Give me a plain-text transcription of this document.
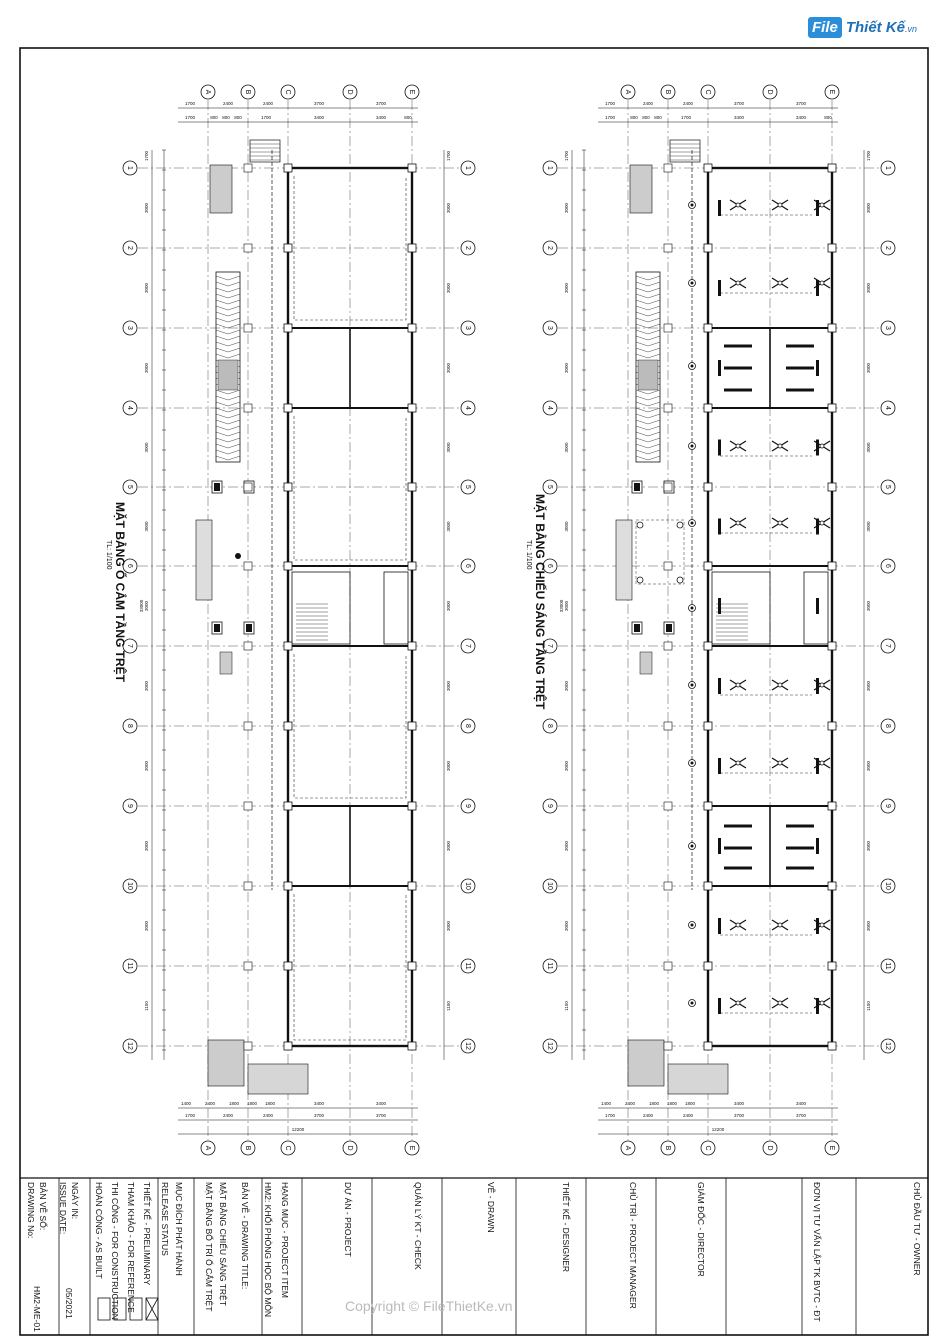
File Thiết Kế.vn
A
A
B
B
C
C
D
D
E
E
1	1
2	2
3	3
4	4
5	5
6	6
7	7
8	8
9	9
10	10
11	11
12	12
1700	2400	2400	3700	3700
1700	800 800 800	1700	3400	3400	800
1400	2400	1800 1800 1800	3400	3400
1700	2400	2400	3700	3700
12200
1700
3000
3000
3000
3000
3000
3000
3000
3000
3000
3000
1150
33000
1700
3000
3000
3000
3000
3000
3000
3000
3000
3000
3000
1150
A
A
B
B
C
C
D
D
E
E
1	1
2	2
3	3
4	4
5	5
6	6
7	7
8	8
9	9
10	10
11	11
12	12
1700	2400	2400	3700	3700
1700	800 800 800	1700	3400	3400	800
1400	2400	1800 1800 1800	3400	3400
1700	2400	2400	3700	3700
12200
1700
3000
3000
3000
3000
3000
3000
3000
3000
3000
3000
1150
33000
1700
3000
3000
3000
3000
3000
3000
3000
3000
3000
3000
1150
MẶT BẰNG Ổ CẮM TẦNG TRỆT
TL: 1/100	MẶT BẰNG CHIẾU SÁNG TẦNG TRỆT
TL: 1/100
CHỦ ĐẦU TƯ - OWNER
ĐƠN VỊ TƯ VẤN LẬP TK BVTC - ĐT
GIÁM ĐỐC - DIRECTOR
CHỦ TRÌ - PROJECT MANAGER
THIẾT KẾ - DESIGNER
VẼ - DRAWN
QUẢN LÝ KT - CHECK
DỰ ÁN - PROJECT
HẠNG MỤC - PROJECT ITEM
HM2: KHỐI PHÒNG HỌC BỘ MÔN
BẢN VẼ - DRAWING TITLE:
MẶT BẰNG CHIẾU SÁNG TRỆT
MẶT BẰNG BỐ TRÍ Ổ CẮM TRỆT
MỤC ĐÍCH PHÁT HÀNH
RELEASE STATUS
THIẾT KẾ - PRELIMINARY
THAM KHẢO - FOR REFERENCE
THI CÔNG - FOR CONSTRUCTION
HOÀN CÔNG - AS BUILT
NGÀY IN:
ISSUE DATE:
05/2021
BẢN VẼ SỐ:
DRAWING No:
HM2-ME-01	Copyright © FileThietKe.vn
